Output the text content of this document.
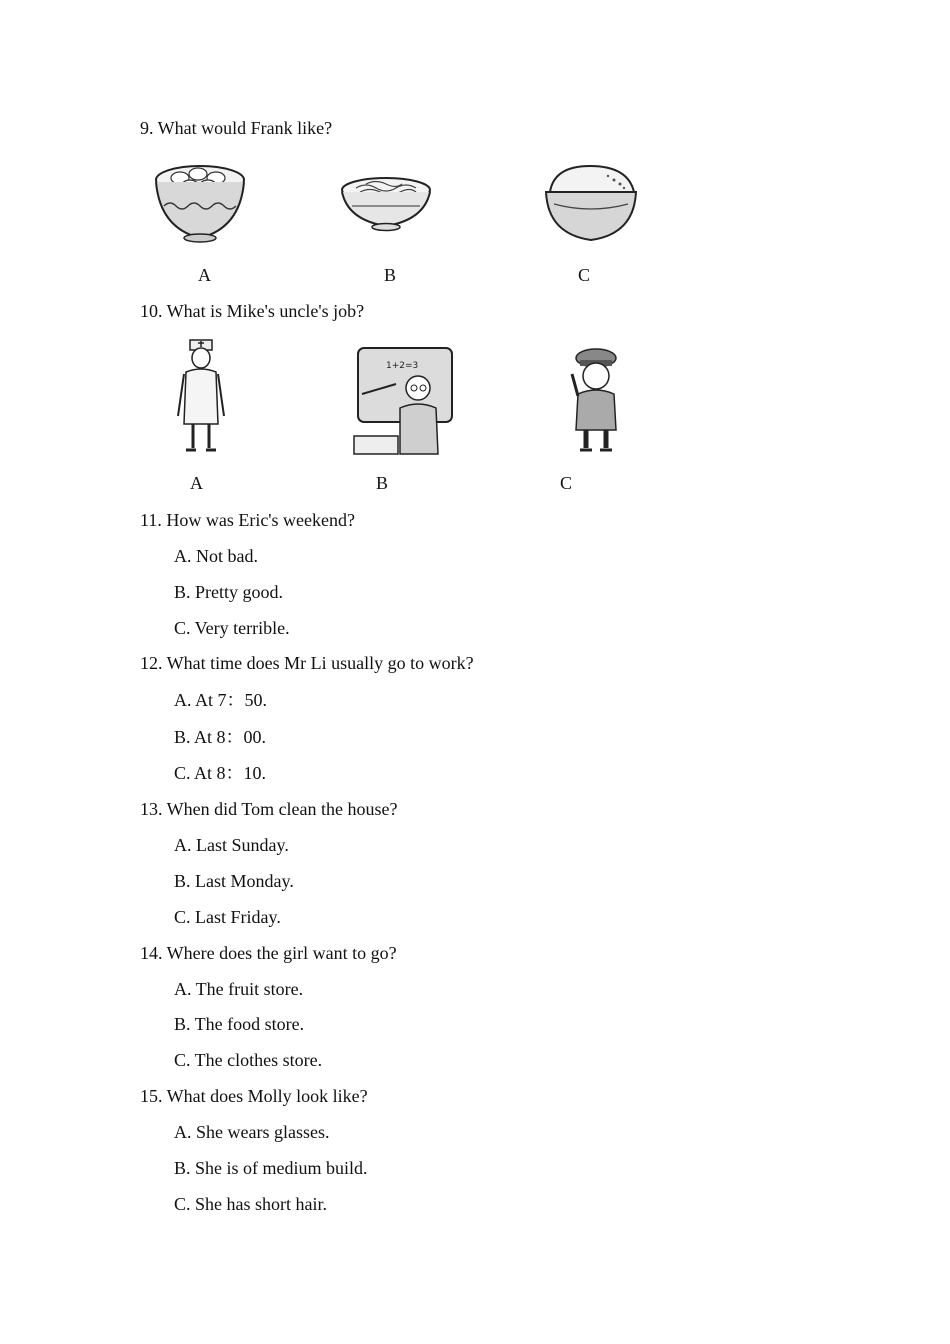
9. What would Frank like?
A	B	C
10. What is Mike's uncle's job?
1+2=3
A	B	C
11. How was Eric's weekend?
A. Not bad.
B. Pretty good.
C. Very terrible.
12. What time does Mr Li usually go to work?
A. At 7：50.
B. At 8：00.
C. At 8：10.
13. When did Tom clean the house?
A. Last Sunday.
B. Last Monday.
C. Last Friday.
14. Where does the girl want to go?
A. The fruit store.
B. The food store.
C. The clothes store.
15. What does Molly look like?
A. She wears glasses.
B. She is of medium build.
C. She has short hair.
